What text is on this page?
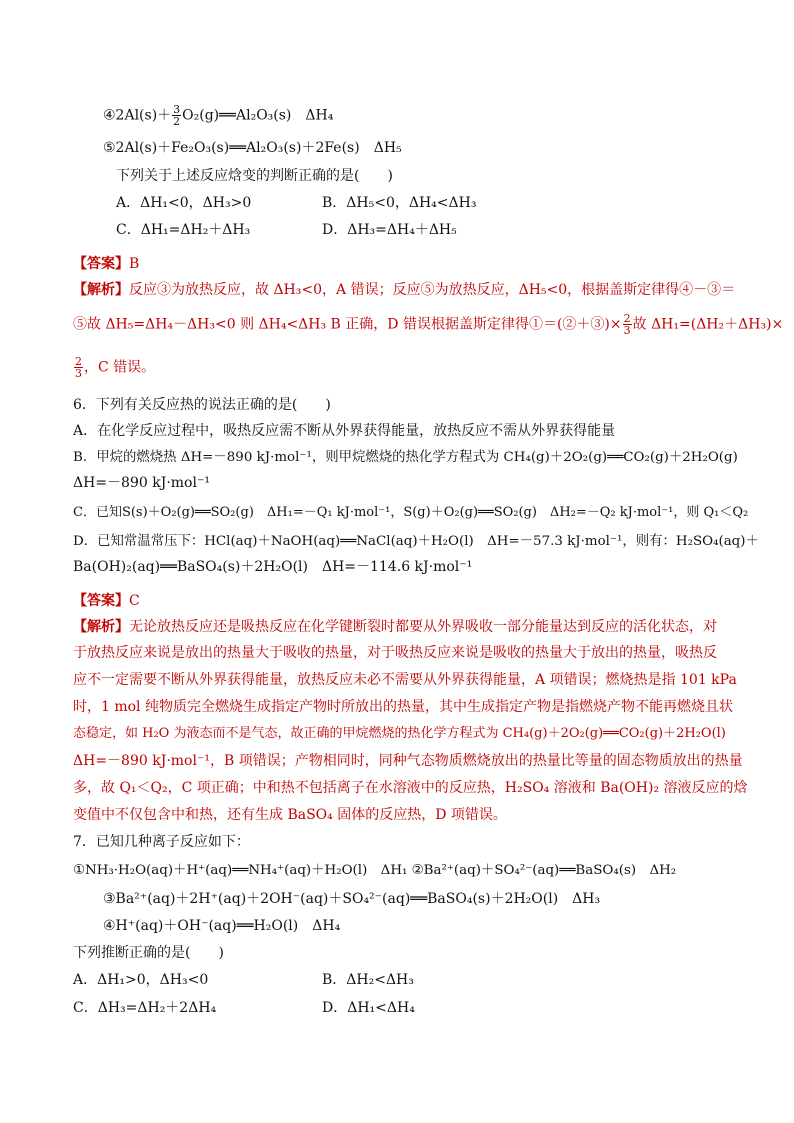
④2Al(s)＋ $\frac{3}{2}$ O₂(g)══Al₂O₃(s)　ΔH₄
⑤2Al(s)＋Fe₂O₃(s)══Al₂O₃(s)＋2Fe(s)　ΔH₅
下列关于上述反应焓变的判断正确的是(　　)
A．ΔH₁<0，ΔH₃>0	B．ΔH₅<0，ΔH₄<ΔH₃
C．ΔH₁=ΔH₂＋ΔH₃	D．ΔH₃=ΔH₄＋ΔH₅
【答案】B
【解析】反应③为放热反应，故 ΔH₃<0，A 错误；反应⑤为放热反应，ΔH₅<0，根据盖斯定律得④－③＝
⑤故 ΔH₅=ΔH₄－ΔH₃<0 则 ΔH₄<ΔH₃ B 正确，D 错误根据盖斯定律得①＝(②＋③)× $\frac{2}{3}$ 故 ΔH₁=(ΔH₂＋ΔH₃)×
$\frac{2}{3}$ ，C 错误。
6．下列有关反应热的说法正确的是(　　)
A．在化学反应过程中，吸热反应需不断从外界获得能量，放热反应不需从外界获得能量
B．甲烷的燃烧热 ΔH=－890 kJ·mol⁻¹，则甲烷燃烧的热化学方程式为 CH₄(g)＋2O₂(g)══CO₂(g)＋2H₂O(g)
ΔH=－890 kJ·mol⁻¹
C．已知S(s)＋O₂(g)══SO₂(g)　ΔH₁=－Q₁ kJ·mol⁻¹，S(g)＋O₂(g)══SO₂(g)　ΔH₂=－Q₂ kJ·mol⁻¹，则 Q₁＜Q₂
D．已知常温常压下：HCl(aq)＋NaOH(aq)══NaCl(aq)＋H₂O(l)　ΔH=－57.3 kJ·mol⁻¹，则有：H₂SO₄(aq)＋
Ba(OH)₂(aq)══BaSO₄(s)＋2H₂O(l)　ΔH=－114.6 kJ·mol⁻¹
【答案】C
【解析】无论放热反应还是吸热反应在化学键断裂时都要从外界吸收一部分能量达到反应的活化状态，对
于放热反应来说是放出的热量大于吸收的热量，对于吸热反应来说是吸收的热量大于放出的热量，吸热反
应不一定需要不断从外界获得能量，放热反应未必不需要从外界获得能量，A 项错误；燃烧热是指 101 kPa
时，1 mol 纯物质完全燃烧生成指定产物时所放出的热量，其中生成指定产物是指燃烧产物不能再燃烧且状
态稳定，如 H₂O 为液态而不是气态，故正确的甲烷燃烧的热化学方程式为 CH₄(g)＋2O₂(g)══CO₂(g)＋2H₂O(l)
ΔH=－890 kJ·mol⁻¹，B 项错误；产物相同时，同种气态物质燃烧放出的热量比等量的固态物质放出的热量
多，故 Q₁＜Q₂，C 项正确；中和热不包括离子在水溶液中的反应热，H₂SO₄ 溶液和 Ba(OH)₂ 溶液反应的焓
变值中不仅包含中和热，还有生成 BaSO₄ 固体的反应热，D 项错误。
7．已知几种离子反应如下：
①NH₃·H₂O(aq)＋H⁺(aq)══NH₄⁺(aq)＋H₂O(l)　ΔH₁ ②Ba²⁺(aq)＋SO₄²⁻(aq)══BaSO₄(s)　ΔH₂
③Ba²⁺(aq)＋2H⁺(aq)＋2OH⁻(aq)＋SO₄²⁻(aq)══BaSO₄(s)＋2H₂O(l)　ΔH₃
④H⁺(aq)＋OH⁻(aq)══H₂O(l)　ΔH₄
下列推断正确的是(　　)
A．ΔH₁>0，ΔH₃<0	B．ΔH₂<ΔH₃
C．ΔH₃=ΔH₂＋2ΔH₄	D．ΔH₁<ΔH₄
